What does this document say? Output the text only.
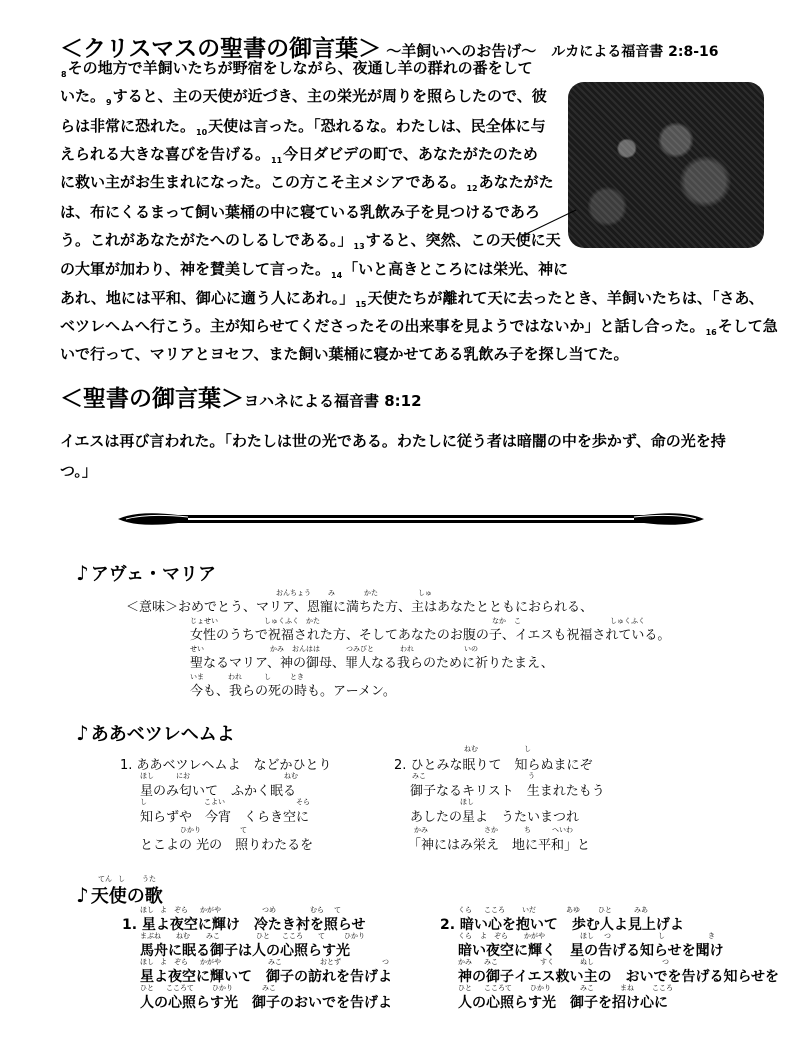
＜クリスマスの聖書の御言葉＞ ～羊飼いへのお告げ～ ルカによる福音書 2:8-16
$_8$その地方で羊飼いたちが野宿をしながら、夜通し羊の群れの番をして
いた。$_9$すると、主の天使が近づき、主の栄光が周りを照らしたので、彼
らは非常に恐れた。$_{10}$天使は言った。「恐れるな。わたしは、民全体に与
えられる大きな喜びを告げる。$_{11}$今日ダビデの町で、あなたがたのため
に救い主がお生まれになった。この方こそ主メシアである。$_{12}$あなたがた
は、布にくるまって飼い葉桶の中に寝ている乳飲み子を見つけるであろ
う。これがあなたがたへのしるしである。」$_{13}$すると、突然、この天使に天
の大軍が加わり、神を賛美して言った。$_{14}$「いと高きところには栄光、神に
あれ、地には平和、御心に適う人にあれ。」$_{15}$天使たちが離れて天に去ったとき、羊飼いたちは、「さあ、
ベツレヘムへ行こう。主が知らせてくださったその出来事を見ようではないか」と話し合った。$_{16}$そして急
いで行って、マリアとヨセフ、また飼い葉桶に寝かせてある乳飲み子を探し当てた。
＜聖書の御言葉＞ヨハネによる福音書 8:12
イエスは再び言われた。「わたしは世の光である。わたしに従う者は暗闇の中を歩かず、命の光を持
つ。」
♪ アヴェ・マリア
＜意味＞おめでとう、マリア、恩寵に満ちた方、主はあなたとともにおられる、
女性のうちで祝福された方、そしてあなたのお腹の子、イエスも祝福されている。
聖なるマリア、神の御母、罪人なる我らのために祈りたまえ、
今も、我らの死の時も。アーメン。
♪ ああベツレヘムよ
1. ああベツレヘムよ　などかひとり
星のみ匂いて　ふかく眠る
知らずや　今宵　くらき空に
とこよの 光の　照りわたるを
2. ひとみな眠りて　知らぬまにぞ
御子なるキリスト　生まれたもう
あしたの星よ　うたいまつれ
「神にはみ栄え　地に平和」と
♪ 天使の歌
1. 星よ夜空に輝け　冷たき衬を照らせ
馬舟に眠る御子は人の心照らす光
星よ夜空に輝いて　御子の訪れを告げよ
人の心照らす光　御子のおいでを告げよ
2. 暗い心を抱いて　歩む人よ見上げよ
暗い夜空に輝く　星の告げる知らせを聞け
神の御子イエス救い主の　おいでを告げる知らせを
人の心照らす光　御子を招け心に
おんちょう み	かた	しゅ
じょせい	しゅくふく かた	なか こ	しゅくふく
せい	かみ おんはは	つみびと	われ	いの
いま	われ	し	とき
ほし	にお	ねむ
し	こよい	そら
ひかり	て
ねむ	し
みこ	う
ほし
かみ	さか	ち	へいわ
ほし よ ぞら かがや	つめ	むら て
まぶね ねむ みこ	ひと こころ て	ひかり
ほし よ ぞら かがや	みこ	おとず	つ
ひと こころて	ひかり	みこ
くら こころ いだ	あゆ	ひと	みあ
くら よ ぞら かがや	ほし つ	し	き
かみ みこ	すく	ぬし	つ
ひと こころて	ひかり	みこ	まね	こころ
てん し うた
